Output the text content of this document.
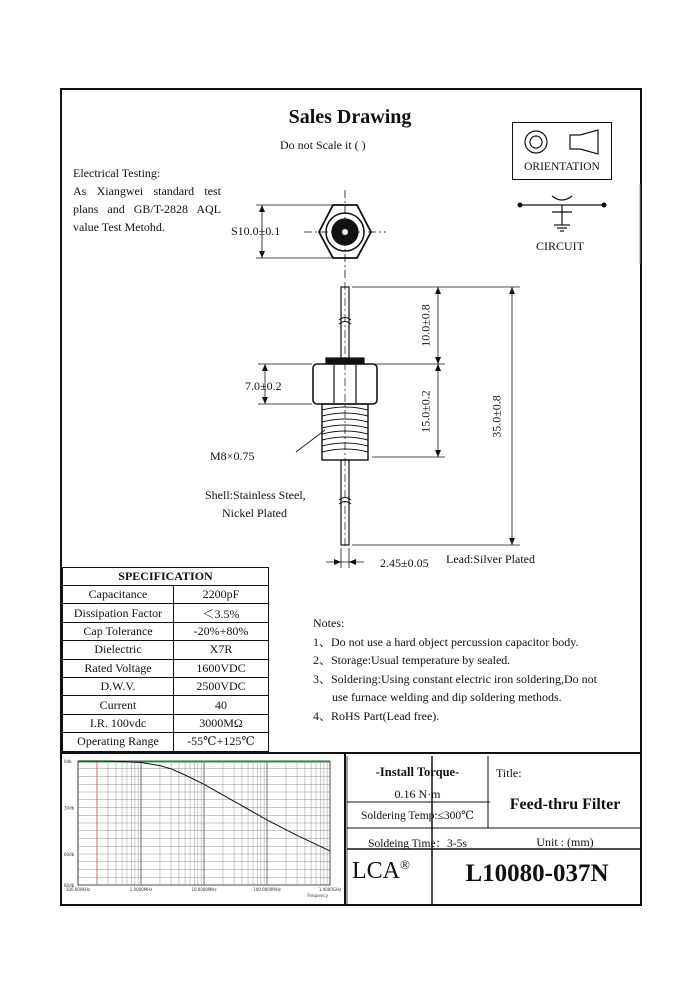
Sales Drawing
Do not Scale it ( )
Electrical Testing:
As Xiangwei standard test
plans and GB/T-2828 AQL
value Test Metohd.
ORIENTATION
CIRCUIT
S10.0±0.1
10.0±0.8
15.0±0.2	35.0±0.8
7.0±0.2
M8×0.75
2.45±0.05
Shell:Stainless Steel,
Nickel Plated
Lead:Silver Plated
SPECIFICATION	
Capacitance	2200pF
Dissipation Factor	＜3.5%
Cap Tolerance	-20%+80%
Dielectric	X7R
Rated Voltage	1600VDC
D.W.V.	2500VDC
Current	40
I.R. 100vdc	3000MΩ
Operating Range	-55℃+125℃
Notes:
1、Do not use a hard object percussion capacitor body.
2、Storage:Usual temperature by sealed.
3、Soldering:Using constant electric iron soldering,Do not
use furnace welding and dip soldering methods.
4、RoHS Part(Lead free).
100.000KHz	1.0000MHz	10.0000MHz	100.0000MHz	1.0000GHz
0db
30db
60db
80db
Frequency
-Install Torque-
0.16 N·m
Soldering Temp:≤300℃
Soldeing Time：3-5s
Title:
Feed-thru Filter
Unit : (mm)
LCA®	L10080-037N
